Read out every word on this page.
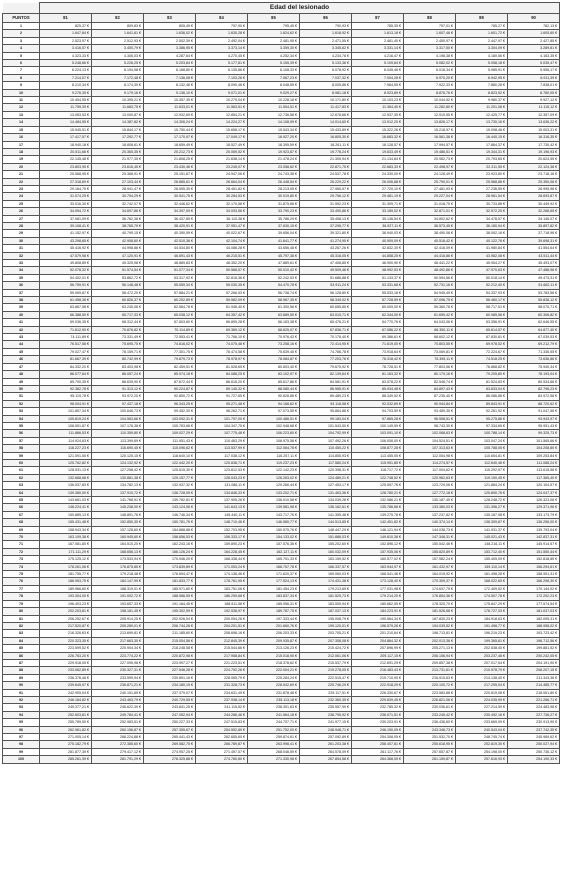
	Edad del lesionado									
PUNTOS	81	82	83	84	85	86	87	88	89	90
1	825,37 €	809,83 €	805,49 €	797,90 €	795,45 €	790,93 €	785,35 €	797,01 €	785,27 €	782,13 €
2	1.647,84 €	1.641,61 €	1.636,02 €	1.630,28 €	1.624,62 €	1.618,92 €	1.613,18 €	1.607,46 €	1.601,72 €	1.605,60 €
3	2.523,97 €	2.512,93 €	2.502,39 €	2.492,04 €	2.481,95 €	2.471,55 €	2.461,40 €	2.450,97 €	2.447,97 €	2.427,85 €
4	3.416,57 €	3.400,79 €	3.386,95 €	3.373,14 €	3.359,30 €	3.345,62 €	3.331,14 €	3.317,50 €	3.304,09 €	3.289,81 €
5	4.323,33 €	4.306,03 €	4.287,64 €	4.270,45 €	4.252,34 €	4.234,78 €	4.216,47 €	4.198,38 €	4.180,56 €	4.163,35 €
6	5.248,66 €	5.226,25 €	5.203,84 €	5.177,81 €	5.155,39 €	5.133,36 €	5.109,64 €	5.082,02 €	5.058,18 €	5.035,47 €
7	6.224,13 €	6.194,98 €	6.168,80 €	6.135,86 €	6.108,33 €	6.078,92 €	6.045,46 €	6.016,34 €	5.985,91 €	5.956,17 €
8	7.214,07 €	7.172,48 €	7.136,08 €	7.103,26 €	7.067,23 €	7.037,32 €	7.004,28 €	6.970,20 €	6.942,95 €	6.911,39 €
9	8.210,34 €	8.174,30 €	8.132,46 €	8.090,46 €	8.048,55 €	8.005,86 €	7.964,55 €	7.922,33 €	7.880,28 €	7.838,01 €
10	9.276,35 €	9.179,16 €	9.136,10 €	9.071,01 €	9.029,27 €	8.981,18 €	8.923,89 €	8.876,76 €	8.823,52 €	8.780,05 €
11	10.454,55 €	10.395,21 €	10.357,35 €	10.279,04 €	10.228,18 €	10.171,80 €	10.103,23 €	10.044,52 €	9.980,37 €	9.927,12 €
12	11.759,39 €	11.683,75 €	11.633,01 €	11.563,51 €	11.504,51 €	11.417,83 €	11.364,40 €	11.282,80 €	11.201,06 €	11.115,12 €
13	13.063,53 €	13.000,87 €	12.932,69 €	12.854,21 €	12.736,58 €	12.678,66 €	12.537,35 €	12.510,55 €	12.425,77 €	12.357,09 €
14	14.484,55 €	14.387,82 €	14.306,24 €	14.224,27 €	14.108,99 €	14.014,60 €	13.912,20 €	13.826,17 €	13.730,16 €	13.636,22 €
15	15.945,51 €	15.844,17 €	15.750,44 €	15.658,17 €	15.543,34 €	15.433,89 €	15.322,26 €	15.218,97 €	15.098,46 €	15.003,31 €
16	17.417,57 €	17.292,77 €	17.170,97 €	17.049,17 €	16.927,20 €	16.805,30 €	16.683,32 €	16.561,36 €	16.440,15 €	16.316,35 €
17	18.940,18 €	18.808,61 €	18.659,49 €	18.527,49 €	18.395,59 €	18.261,11 €	18.128,57 €	17.994,57 €	17.864,37 €	17.730,42 €
18	20.511,66 €	20.365,35 €	20.212,73 €	20.069,52 €	19.923,87 €	19.778,24 €	19.633,49 €	19.486,51 €	19.344,31 €	19.196,93 €
19	22.145,48 €	21.977,35 €	21.808,25 €	21.638,14 €	21.478,24 €	21.305,94 €	21.134,84 €	20.962,73 €	20.793,65 €	20.624,55 €
20	23.803,95 €	23.616,45 €	23.430,46 €	23.245,07 €	23.058,62 €	22.871,75 €	22.683,33 €	22.498,97 €	22.311,55 €	22.124,38 €
21	25.568,95 €	25.368,91 €	25.151,67 €	24.947,06 €	24.743,38 €	24.537,78 €	24.330,00 €	24.128,49 €	23.923,80 €	23.718,16 €
22	27.318,69 €	27.103,44 €	26.885,61 €	26.664,04 €	26.448,54 €	26.229,22 €	26.006,88 €	25.790,01 €	25.568,86 €	25.350,06 €
23	29.164,75 €	28.941,47 €	28.595,30 €	28.451,82 €	28.213,05 €	27.965,57 €	27.720,10 €	27.481,93 €	27.236,55 €	26.995,98 €
24	31.074,25 €	30.794,29 €	30.541,75 €	30.284,53 €	30.019,80 €	29.756,12 €	29.481,19 €	29.227,04 €	28.961,54 €	28.693,87 €
25	33.016,30 €	32.742,07 €	32.446,62 €	32.170,58 €	31.875,66 €	31.592,23 €	31.309,71 €	31.018,75 €	30.733,86 €	30.449,92 €
26	34.994,72 €	34.697,86 €	34.397,09 €	34.093,56 €	33.790,23 €	33.490,86 €	33.189,02 €	32.871,01 €	32.572,25 €	32.268,65 €
27	37.081,09 €	36.762,38 €	36.437,89 €	36.110,38 €	35.786,29 €	35.458,13 €	35.136,54 €	34.802,62 €	34.478,57 €	34.146,07 €
28	39.108,41 €	38.765,79 €	38.420,91 €	37.951,47 €	37.630,15 €	37.295,77 €	36.927,11 €	36.573,45 €	36.180,94 €	35.897,82 €
29	41.152,97 €	40.799,15 €	40.390,59 €	40.022,67 €	39.656,04 €	39.321,80 €	38.940,03 €	38.490,06 €	38.092,16 €	37.718,96 €
30	43.298,65 €	42.908,60 €	42.510,36 €	42.104,74 €	41.641,77 €	41.274,95 €	40.909,09 €	40.518,42 €	40.122,76 €	39.698,31 €
31	45.416,92 €	44.998,86 €	44.534,80 €	44.086,28 €	43.656,48 €	43.267,26 €	42.832,30 €	42.416,09 €	41.980,84 €	41.554,64 €
32	47.579,98 €	47.120,91 €	46.691,43 €	46.215,51 €	45.797,38 €	45.318,05 €	44.858,25 €	44.416,86 €	43.982,08 €	43.511,44 €
33	49.808,89 €	49.325,98 €	48.869,83 €	48.352,20 €	47.889,61 €	47.408,85 €	46.900,90 €	46.441,22 €	45.954,27 €	45.493,07 €
34	52.078,32 €	51.574,54 €	51.077,34 €	50.568,57 €	50.010,42 €	49.509,46 €	48.992,53 €	48.492,86 €	47.970,63 €	47.488,96 €
35	54.402,01 €	53.862,72 €	53.317,92 €	52.816,36 €	52.242,53 €	51.686,88 €	51.133,37 €	50.594,56 €	50.018,14 €	49.473,31 €
36	56.759,91 €	56.148,48 €	55.559,34 €	55.030,35 €	54.470,78 €	53.911,24 €	53.331,68 €	52.731,16 €	52.212,40 €	51.662,11 €
37	59.069,87 €	58.472,20 €	57.884,21 €	57.266,53 €	56.738,74 €	56.128,80 €	55.533,16 €	54.945,49 €	54.337,93 €	53.783,58 €
38	61.458,36 €	60.826,37 €	60.202,89 €	59.582,09 €	58.967,35 €	58.349,02 €	57.728,59 €	57.096,75 €	56.460,17 €	55.838,12 €
39	63.867,58 €	63.245,08 €	62.584,78 €	61.946,40 €	61.300,56 €	60.655,85 €	60.009,00 €	59.360,78 €	58.717,51 €	58.070,71 €
40	66.388,50 €	65.717,33 €	65.038,12 €	64.357,42 €	63.689,50 €	63.010,71 €	62.344,00 €	61.659,42 €	60.985,56 €	60.306,82 €
41	69.036,35 €	68.312,44 €	67.603,60 €	66.899,28 €	66.183,38 €	65.476,21 €	64.770,76 €	64.043,06 €	63.356,91 €	62.646,55 €
42	71.612,90 €	70.876,82 €	70.114,89 €	69.369,12 €	68.625,07 €	67.836,71 €	67.086,22 €	66.350,11 €	65.614,57 €	64.877,40 €
43	74.111,89 €	73.331,49 €	72.553,41 €	71.766,10 €	70.976,43 €	70.176,40 €	69.386,61 €	68.602,12 €	67.830,81 €	67.039,53 €
44	76.517,56 €	75.695,75 €	74.616,02 €	74.075,48 €	73.258,16 €	72.414,95 €	71.619,00 €	70.803,55 €	69.978,52 €	69.212,79 €
45	79.027,47 €	78.159,71 €	77.301,75 €	76.474,58 €	75.639,45 €	74.766,78 €	73.918,64 €	73.069,81 €	72.224,67 €	71.336,55 €
46	81.667,39 €	80.742,99 €	79.879,73 €	78.978,97 €	78.084,87 €	77.203,76 €	76.318,42 €	75.395,11 €	74.518,25 €	73.636,86 €
47	84.332,20 €	83.403,98 €	82.459,51 €	81.528,65 €	80.603,40 €	79.675,92 €	78.728,51 €	77.803,56 €	76.868,82 €	75.940,34 €
48	86.077,64 €	86.057,24 €	85.074,18 €	84.088,25 €	83.102,97 €	82.139,64 €	81.163,32 €	80.179,16 €	79.205,80 €	78.193,04 €
49	89.700,35 €	88.639,90 €	87.672,44 €	86.616,20 €	85.617,86 €	84.581,91 €	83.578,22 €	82.546,74 €	81.524,83 €	80.534,66 €
50	92.382,78 €	91.313,12 €	90.224,87 €	89.145,32 €	88.080,44 €	86.985,91 €	85.934,48 €	84.897,43 €	83.833,04 €	82.798,23 €
51	95.119,78 €	93.972,20 €	92.850,72 €	91.727,65 €	90.628,86 €	89.489,23 €	88.349,52 €	87.235,40 €	86.086,86 €	84.972,58 €
52	98.004,91 €	97.437,18 €	96.343,25 €	95.271,48 €	94.168,62 €	93.118,58 €	92.032,69 €	90.944,84 €	89.843,91 €	88.720,62 €
53	101.897,34 €	100.646,73 €	99.452,30 €	98.262,71 €	97.073,55 €	95.864,88 €	94.703,59 €	93.489,35 €	92.261,92 €	91.047,56 €
54	105.819,24 €	104.563,66 €	103.092,31 €	101.797,00 €	100.486,51 €	99.183,04 €	97.865,28 €	96.558,51 €	95.275,86 €	93.943,97 €
55	108.591,87 €	107.176,38 €	105.763,66 €	104.347,75 €	102.948,68 €	101.543,50 €	100.149,59 €	98.743,30 €	97.334,65 €	95.951,43 €
56	111.866,53 €	110.359,80 €	109.027,29 €	107.775,48 €	106.223,60 €	104.792,99 €	103.091,10 €	102.068,63 €	100.788,14 €	99.325,73 €
57	114.924,63 €	113.399,69 €	111.951,43 €	110.463,29 €	108.975,58 €	107.492,26 €	106.008,00 €	104.524,51 €	103.047,24 €	101.565,66 €
58	118.227,23 €	116.690,45 €	115.096,62 €	113.537,99 €	112.064,78 €	110.450,22 €	108.877,28 €	107.313,63 €	105.788,05 €	104.208,80 €
59	121.591,50 €	120.125,15 €	118.640,10 €	117.038,12 €	116.257,11 €	114.855,93 €	113.455,05 €	112.054,98 €	110.654,81 €	109.253,84 €
60	125.762,82 €	124.132,92 €	122.442,20 €	120.838,71 €	119.237,23 €	117.580,24 €	115.951,85 €	114.274,57 €	112.640,46 €	111.088,24 €
61	128.931,13 €	127.258,42 €	125.515,30 €	123.812,53 €	122.142,23 €	120.398,31 €	118.717,72 €	117.004,62 €	115.292,97 €	113.615,58 €
62	132.668,68 €	130.881,38 €	129.157,77 €	128.043,23 €	126.263,02 €	124.489,21 €	122.748,52 €	120.962,63 €	119.190,45 €	117.365,40 €
63	136.537,83 €	134.782,13 €	132.937,32 €	131.086,11 €	129.266,44 €	127.453,17 €	125.597,76 €	123.729,06 €	121.884,24 €	120.104,57 €
64	139.380,00 €	137.910,72 €	136.728,05 €	134.846,33 €	133.202,71 €	131.463,36 €	128.780,21 €	127.772,18 €	125.890,76 €	124.047,37 €
65	143.661,03 €	141.768,91 €	139.782,81 €	137.905,26 €	136.010,58 €	134.039,28 €	132.086,21 €	130.187,45 €	128.248,72 €	126.323,08 €
66	148.224,41 €	145.238,00 €	143.124,06 €	141.643,13 €	139.581,98 €	136.162,61 €	135.786,66 €	133.380,03 €	131.396,27 €	129.371,96 €
67	150.889,13 €	148.891,76 €	146.746,34 €	145.440,11 €	143.717,76 €	141.355,48 €	139.275,78 €	137.237,82 €	135.187,98 €	133.173,79 €
68	155.431,48 €	152.850,30 €	150.781,76 €	148.710,46 €	146.580,77 €	144.513,85 €	142.451,82 €	140.374,14 €	138.309,87 €	136.256,00 €
69	158.943,34 €	157.128,60 €	154.888,88 €	152.703,95 €	150.575,76 €	148.447,29 €	146.121,94 €	144.038,73 €	141.931,37 €	139.793,04 €
70	163.109,38 €	160.945,60 €	158.656,53 €	156.333,17 €	154.133,02 €	151.886,03 €	149.610,38 €	147.348,31 €	145.021,43 €	142.837,31 €
71	167.081,80 €	164.510,20 €	162.243,16 €	159.890,23 €	157.576,36 €	155.202,60 €	152.896,12 €	150.542,46 €	148.216,11 €	145.914,57 €
72	171.111,29 €	168.656,13 €	166.126,24 €	164.228,45 €	162.127,11 €	160.032,09 €	157.935,06 €	155.820,89 €	153.712,40 €	151.550,44 €
73	175.125,12 €	173.533,94 €	170.946,20 €	168.338,44 €	165.751,33 €	163.159,52 €	160.577,02 €	157.982,24 €	155.405,09 €	152.818,85 €
74	178.261,06 €	176.875,85 €	173.839,89 €	171.053,24 €	168.757,78 €	166.337,57 €	163.944,97 €	161.432,97 €	159.110,14 €	156.294,61 €
75	181.755,77 €	179.218,48 €	176.694,47 €	174.136,46 €	171.620,37 €	169.060,03 €	166.541,46 €	164.015,92 €	161.498,28 €	158.951,31 €
76	186.953,75 €	184.147,99 €	181.833,77 €	178.761,95 €	177.524,13 €	174.431,38 €	173.128,40 €	170.309,37 €	168.022,65 €	166.298,30 €
77	189.966,60 €	188.319,01 €	185.971,60 €	183.751,06 €	181.454,23 €	179.213,69 €	177.031,98 €	174.637,79 €	172.409,52 €	170.144,02 €
78	193.304,00 €	191.002,72 €	188.586,55 €	186.259,68 €	183.837,34 €	181.525,73 €	179.214,20 €	176.854,36 €	174.507,78 €	172.202,23 €
79	196.403,23 €	193.657,33 €	191.184,45 €	188.511,58 €	185.956,31 €	183.505,94 €	180.662,55 €	178.320,70 €	175.847,29 €	177.574,54 €
80	202.203,81 €	198.181,45 €	195.302,59 €	192.538,97 €	189.787,75 €	187.037,13 €	184.223,91 €	181.526,68 €	178.727,33 €	181.037,03 €
81	206.252,67 €	205.914,25 €	202.926,04 €	200.054,26 €	197.333,44 €	195.008,79 €	190.564,34 €	187.830,23 €	184.918,63 €	182.095,31 €
82	217.520,87 €	209.289,01 €	206.744,26 €	204.201,51 €	201.660,76 €	199.120,01 €	196.579,26 €	194.039,52 €	191.498,77 €	188.958,02 €
83	216.326,63 €	213.699,81 €	211.185,60 €	208.698,16 €	206.203,33 €	203.705,21 €	201.210,64 €	198.713,61 €	196.219,23 €	193.723,42 €
84	220.323,35 €	217.663,30 €	215.004,56 €	212.845,39 €	209.935,87 €	207.308,08 €	204.864,32 €	202.013,36 €	199.365,61 €	196.712,56 €
85	223.599,52 €	220.904,34 €	218.248,58 €	215.544,66 €	213.126,23 €	210.424,72 €	207.896,99 €	205.271,13 €	202.538,40 €	199.881,52 €
86	226.763,20 €	223.774,22 €	220.872,98 €	217.958,84 €	215.018,90 €	212.061,06 €	209.117,15 €	206.156,94 €	203.237,48 €	200.242,05 €
87	229.918,05 €	227.095,96 €	223.997,27 €	221.223,51 €	218.378,62 €	215.537,79 €	212.691,29 €	209.857,38 €	207.017,54 €	204.191,90 €
88	233.062,89 €	230.327,31 €	227.546,28 €	224.792,26 €	222.004,21 €	219.278,05 €	216.483,43 €	213.731,61 €	210.978,79 €	208.207,15 €
89	236.376,46 €	233.599,94 €	230.891,16 €	228.065,79 €	225.284,24 €	222.515,47 €	219.710,90 €	216.915,63 €	214.138,40 €	211.343,36 €
90	239.645,97 €	236.871,21 €	234.180,15 €	231.328,73 €	228.542,69 €	225.746,29 €	222.918,29 €	220.100,72 €	217.295,04 €	214.485,77 €
91	242.905,04 €	240.151,69 €	237.379,07 €	234.631,49 €	231.878,46 €	229.117,51 €	226.330,67 €	223.583,88 €	220.819,08 €	218.061,80 €
92	246.184,82 €	243.463,79 €	240.729,55 €	237.938,14 €	235.113,18 €	232.360,35 €	229.639,45 €	226.821,06 €	224.035,99 €	221.266,71 €
93	249.377,21 €	246.622,39 €	243.841,25 €	241.115,52 €	238.301,63 €	235.557,99 €	232.785,32 €	230.036,61 €	227.214,59 €	224.483,98 €
94	252.603,81 €	249.784,41 €	247.052,94 €	244.286,46 €	241.564,18 €	238.795,92 €	236.071,51 €	233.245,42 €	230.492,16 €	227.736,27 €
95	255.789,50 €	252.983,51 €	250.227,33 €	247.515,83 €	244.707,71 €	241.977,15 €	239.203,91 €	236.436,60 €	233.669,09 €	230.913,90 €
96	262.961,82 €	260.156,87 €	257.355,67 €	254.552,89 €	251.752,00 €	248.948,71 €	246.150,05 €	243.348,73 €	240.543,04 €	237.742,35 €
97	271.005,14 €	268.224,88 €	265.441,43 €	262.655,60 €	259.874,61 €	257.092,89 €	254.308,05 €	251.532,70 €	248.745,74 €	245.969,62 €
98	275.182,79 €	272.385,60 €	269.582,75 €	266.789,87 €	263.998,41 €	261.203,38 €	258.407,81 €	255.618,95 €	252.819,30 €	250.027,94 €
99	281.877,39 €	279.417,12 €	274.957,25 €	271.497,57 €	268.046,59 €	264.578,09 €	261.117,76 €	257.657,87 €	254.198,00 €	250.736,12 €
100	285.261,39 €	281.791,29 €	278.325,88 €	274.780,80 €	271.330,98 €	267.854,58 €	264.368,05 €	261.159,87 €	257.616,93 €	254.190,33 €
